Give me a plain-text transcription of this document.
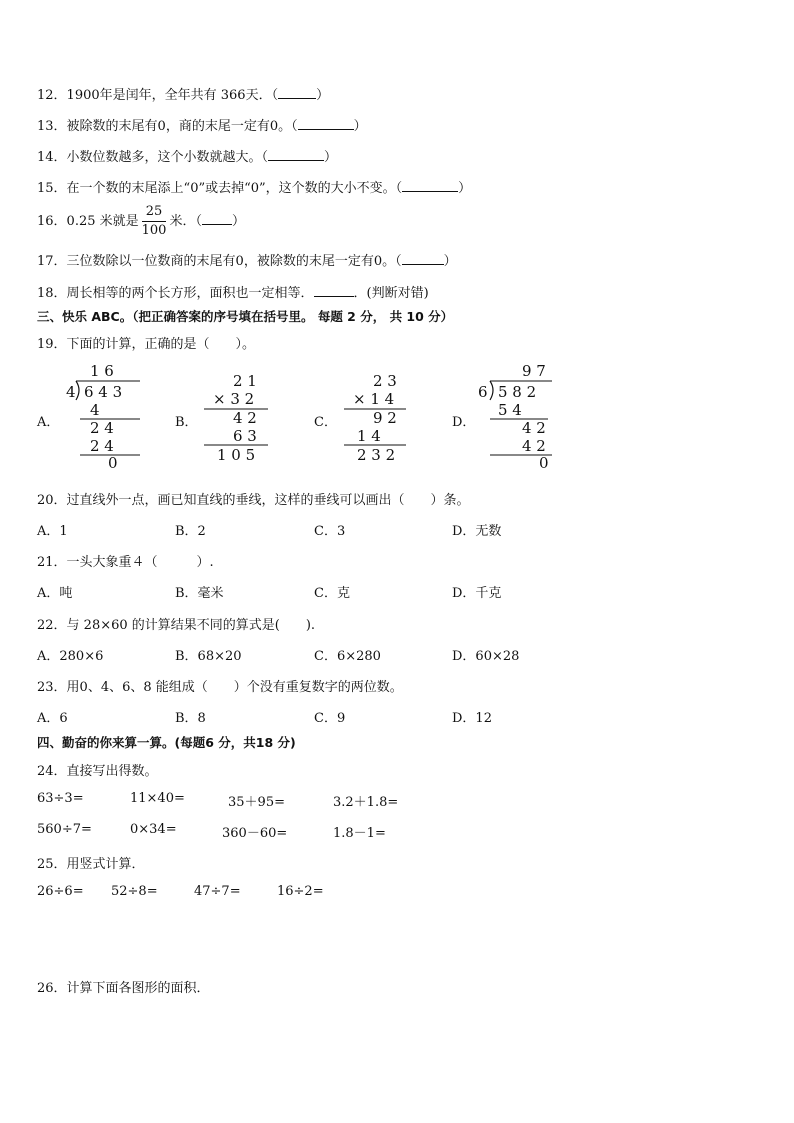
12．1900年是闰年，全年共有 366天．（	）
13．被除数的末尾有0，商的末尾一定有0。（	）
14．小数位数越多，这个小数就越大。（	）
15．在一个数的末尾添上“0”或去掉“0”，这个数的大小不变。（	）
16．0.25 米就是 $\frac{25}{100}$ 米．（ ）
17．三位数除以一位数商的末尾有0，被除数的末尾一定有0。（	）
18．周长相等的两个长方形，面积也一定相等．	．(判断对错)
三、快乐 ABC。（把正确答案的序号填在括号里。 每题 2 分， 共 10 分）
19．下面的计算，正确的是（　　）。
A．
1 6
4 6 4 3
4
2 4
2 4
0
B．
2 1
× 3 2
4 2
6 3
1 0 5
C．
2 3
× 1 4
9 2
1 4
2 3 2
D．
9 7
6 5 8 2
5 4
4 2
4 2
0
20．过直线外一点，画已知直线的垂线，这样的垂线可以画出（　　）条。
A．1	B．2	C．3	D．无数
21．一头大象重４（　　　）.
A．吨	B．毫米	C．克	D．千克
22．与 28×60 的计算结果不同的算式是(　　).
A．280×6	B．68×20	C．6×280	D．60×28
23．用0、4、6、8 能组成（　　）个没有重复数字的两位数。
A．6	B．8	C．9	D．12
四、勤奋的你来算一算。(每题6 分，共18 分)
24．直接写出得数。
63÷3=	11×40=	35＋95=	3.2＋1.8=
560÷7=	0×34=	360－60=	1.8－1=
25．用竖式计算．
26÷6= 52÷8=	47÷7=	16÷2=
26．计算下面各图形的面积．
